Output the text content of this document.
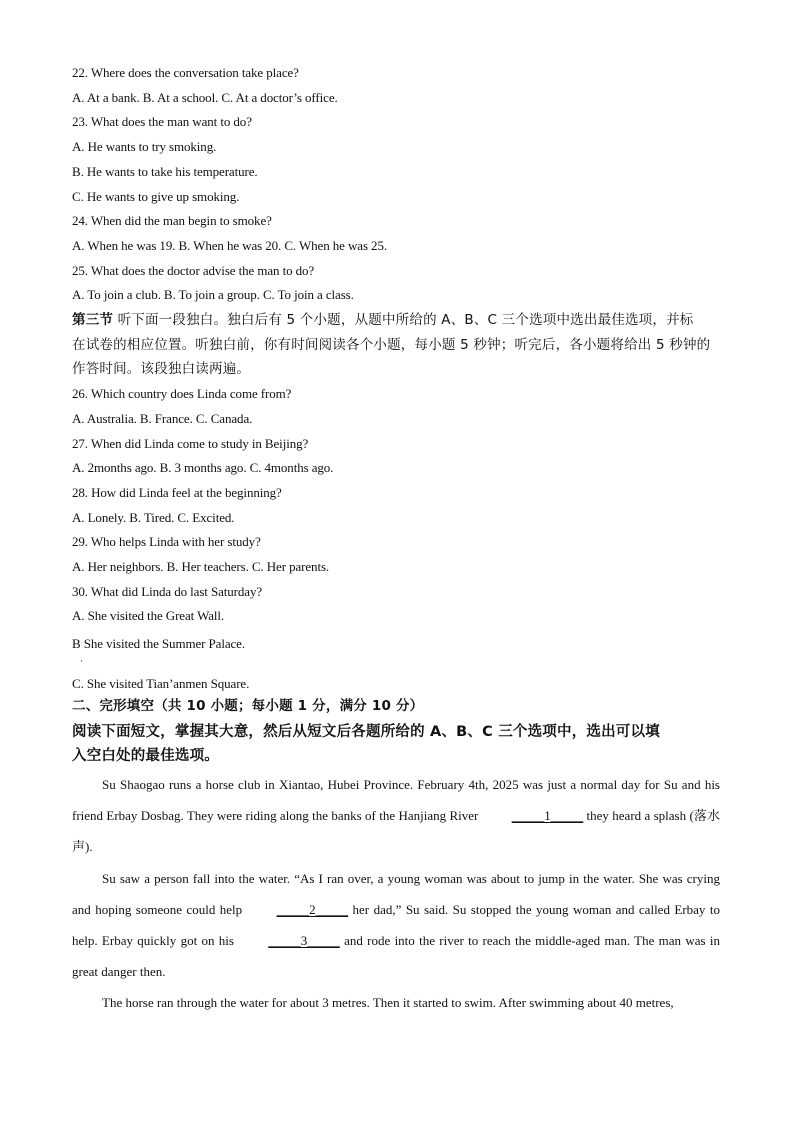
22. Where does the conversation take place?
A. At a bank. B. At a school. C. At a doctor’s office.
23. What does the man want to do?
A. He wants to try smoking.
B. He wants to take his temperature.
C. He wants to give up smoking.
24. When did the man begin to smoke?
A. When he was 19. B. When he was 20. C. When he was 25.
25. What does the doctor advise the man to do?
A. To join a club. B. To join a group. C. To join a class.
第三节 听下面一段独白。独白后有 5 个小题，从题中所给的 A、B、C 三个选项中选出最佳选项，并标
在试卷的相应位置。听独白前，你有时间阅读各个小题，每小题 5 秒钟；听完后，各小题将给出 5 秒钟的
作答时间。该段独白读两遍。
26. Which country does Linda come from?
A. Australia. B. France. C. Canada.
27. When did Linda come to study in Beijing?
A. 2months ago. B. 3 months ago. C. 4months ago.
28. How did Linda feel at the beginning?
A. Lonely. B. Tired. C. Excited.
29. Who helps Linda with her study?
A. Her neighbors. B. Her teachers. C. Her parents.
30. What did Linda do last Saturday?
A. She visited the Great Wall.
B She visited the Summer Palace.
·
C. She visited Tian’anmen Square.
二、完形填空（共 10 小题；每小题 1 分，满分 10 分）
阅读下面短文，掌握其大意，然后从短文后各题所给的 A、B、C 三个选项中，选出可以填
入空白处的最佳选项。
Su Shaogao runs a horse club in Xiantao, Hubei Province. February 4th, 2025 was just a normal day for Su and his friend Erbay Dosbag. They were riding along the banks of the Hanjiang River _____1_____ they heard a splash (落水声).
Su saw a person fall into the water. “As I ran over, a young woman was about to jump in the water. She was crying and hoping someone could help _____2_____ her dad,” Su said. Su stopped the young woman and called Erbay to help. Erbay quickly got on his _____3_____ and rode into the river to reach the middle-aged man. The man was in great danger then.
The horse ran through the water for about 3 metres. Then it started to swim. After swimming about 40 metres,
